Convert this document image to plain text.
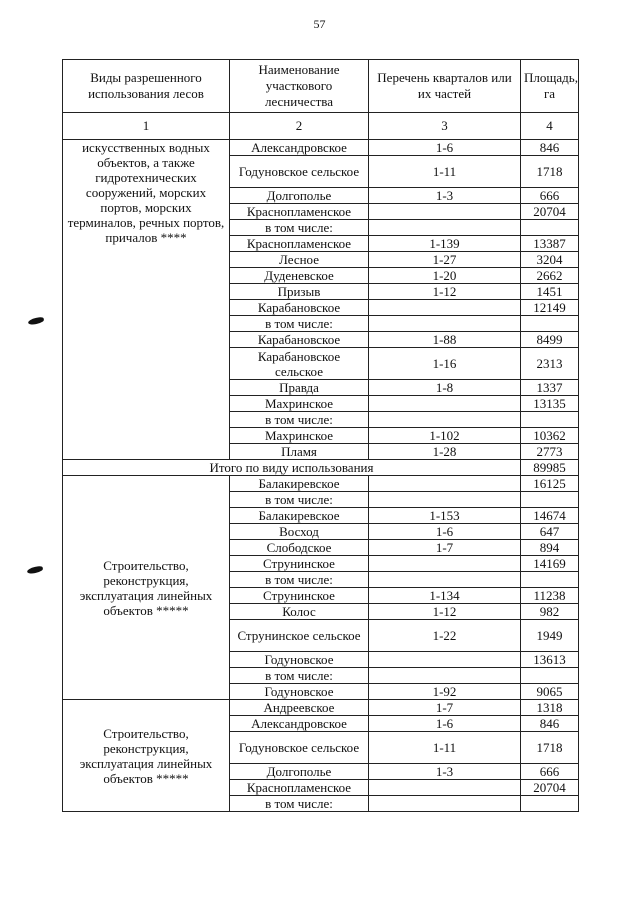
57
Виды разрешенного использования лесов	Наименование участкового лесничества	Перечень кварталов или их частей	Площадь, га
1	2	3	4
искусственных водных объектов, а также гидротехнических сооружений, морских портов, морских терминалов, речных портов, причалов ****	Александровское	1-6	846
	Годуновское сельское	1-11	1718
	Долгополье	1-3	666
	Краснопламенское		20704
	в том числе:		
	Краснопламенское	1-139	13387
	Лесное	1-27	3204
	Дуденевское	1-20	2662
	Призыв	1-12	1451
	Карабановское		12149
	в том числе:		
	Карабановское	1-88	8499
	Карабановское сельское	1-16	2313
	Правда	1-8	1337
	Махринское		13135
	в том числе:		
	Махринское	1-102	10362
	Пламя	1-28	2773
Итого по виду использования			89985
Строительство, реконструкция, эксплуатация линейных объектов *****	Балакиревское		16125
	в том числе:		
	Балакиревское	1-153	14674
	Восход	1-6	647
	Слободское	1-7	894
	Струнинское		14169
	в том числе:		
	Струнинское	1-134	11238
	Колос	1-12	982
	Струнинское сельское	1-22	1949
	Годуновское		13613
	в том числе:		
	Годуновское	1-92	9065
Строительство, реконструкция, эксплуатация линейных объектов *****	Андреевское	1-7	1318
	Александровское	1-6	846
	Годуновское сельское	1-11	1718
	Долгополье	1-3	666
	Краснопламенское		20704
	в том числе:		
